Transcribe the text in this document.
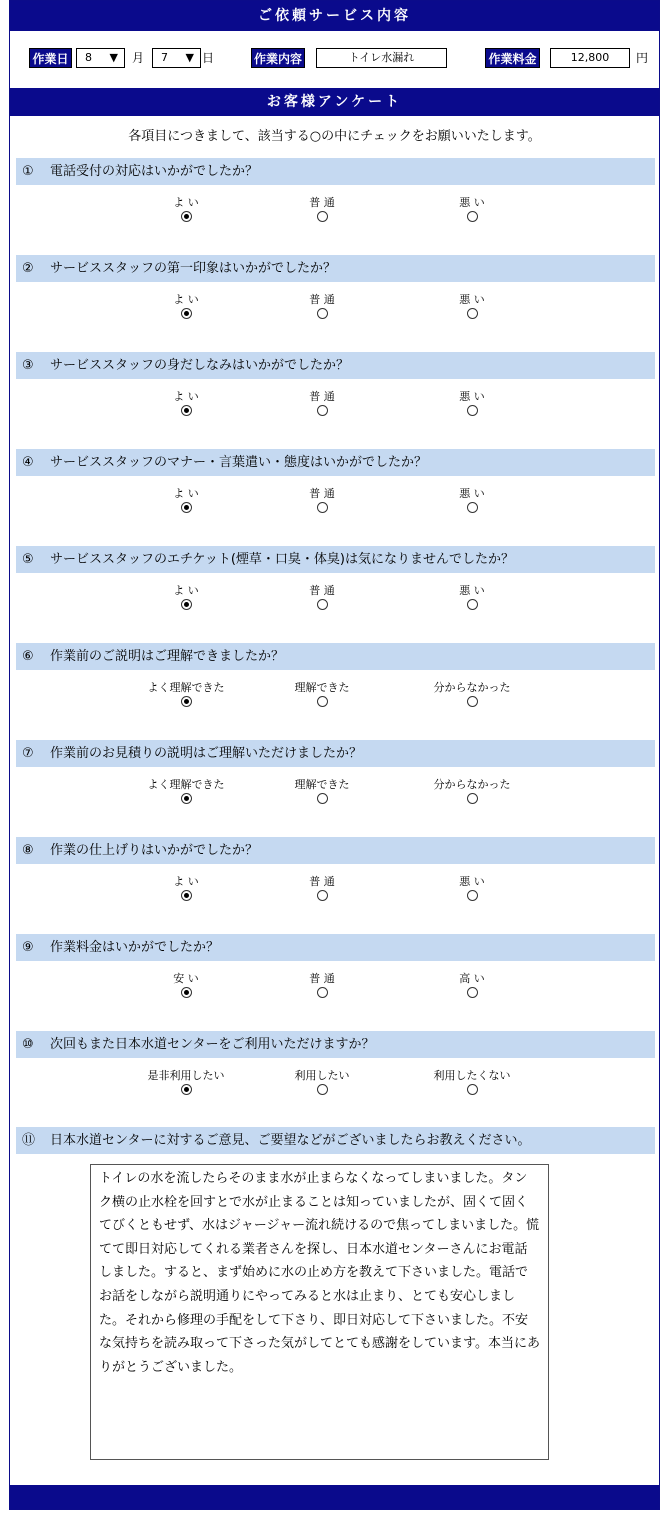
ご依頼サービス内容
作業日	8 ▼ 月	7 ▼ 日	作業内容	トイレ水漏れ	作業料金	12,800	円
お客様アンケート
各項目につきまして、該当する○の中にチェックをお願いいたします。
① 電話受付の対応はいかがでしたか？
よ い	普 通	悪 い
② サービススタッフの第一印象はいかがでしたか？
よ い	普 通	悪 い
③ サービススタッフの身だしなみはいかがでしたか？
よ い	普 通	悪 い
④ サービススタッフのマナー・言葉遣い・態度はいかがでしたか？
よ い	普 通	悪 い
⑤ サービススタッフのエチケット(煙草・口臭・体臭)は気になりませんでしたか？
よ い	普 通	悪 い
⑥ 作業前のご説明はご理解できましたか？
よく理解できた	理解できた	分からなかった
⑦ 作業前のお見積りの説明はご理解いただけましたか？
よく理解できた	理解できた	分からなかった
⑧ 作業の仕上げりはいかがでしたか？
よ い	普 通	悪 い
⑨ 作業料金はいかがでしたか？
安 い	普 通	高 い
⑩ 次回もまた日本水道センターをご利用いただけますか？
是非利用したい	利用したい	利用したくない
⑪ 日本水道センターに対するご意見、ご要望などがございましたらお教えください。
トイレの水を流したらそのまま水が止まらなくなってしまいました。タンク横の止水栓を回すとで水が止まることは知っていましたが、固くて固くてびくともせず、水はジャージャー流れ続けるので焦ってしまいました。慌てて即日対応してくれる業者さんを探し、日本水道センターさんにお電話しました。すると、まず始めに水の止め方を教えて下さいました。電話でお話をしながら説明通りにやってみると水は止まり、とても安心しました。それから修理の手配をして下さり、即日対応して下さいました。不安な気持ちを読み取って下さった気がしてとても感謝をしています。本当にありがとうございました。
